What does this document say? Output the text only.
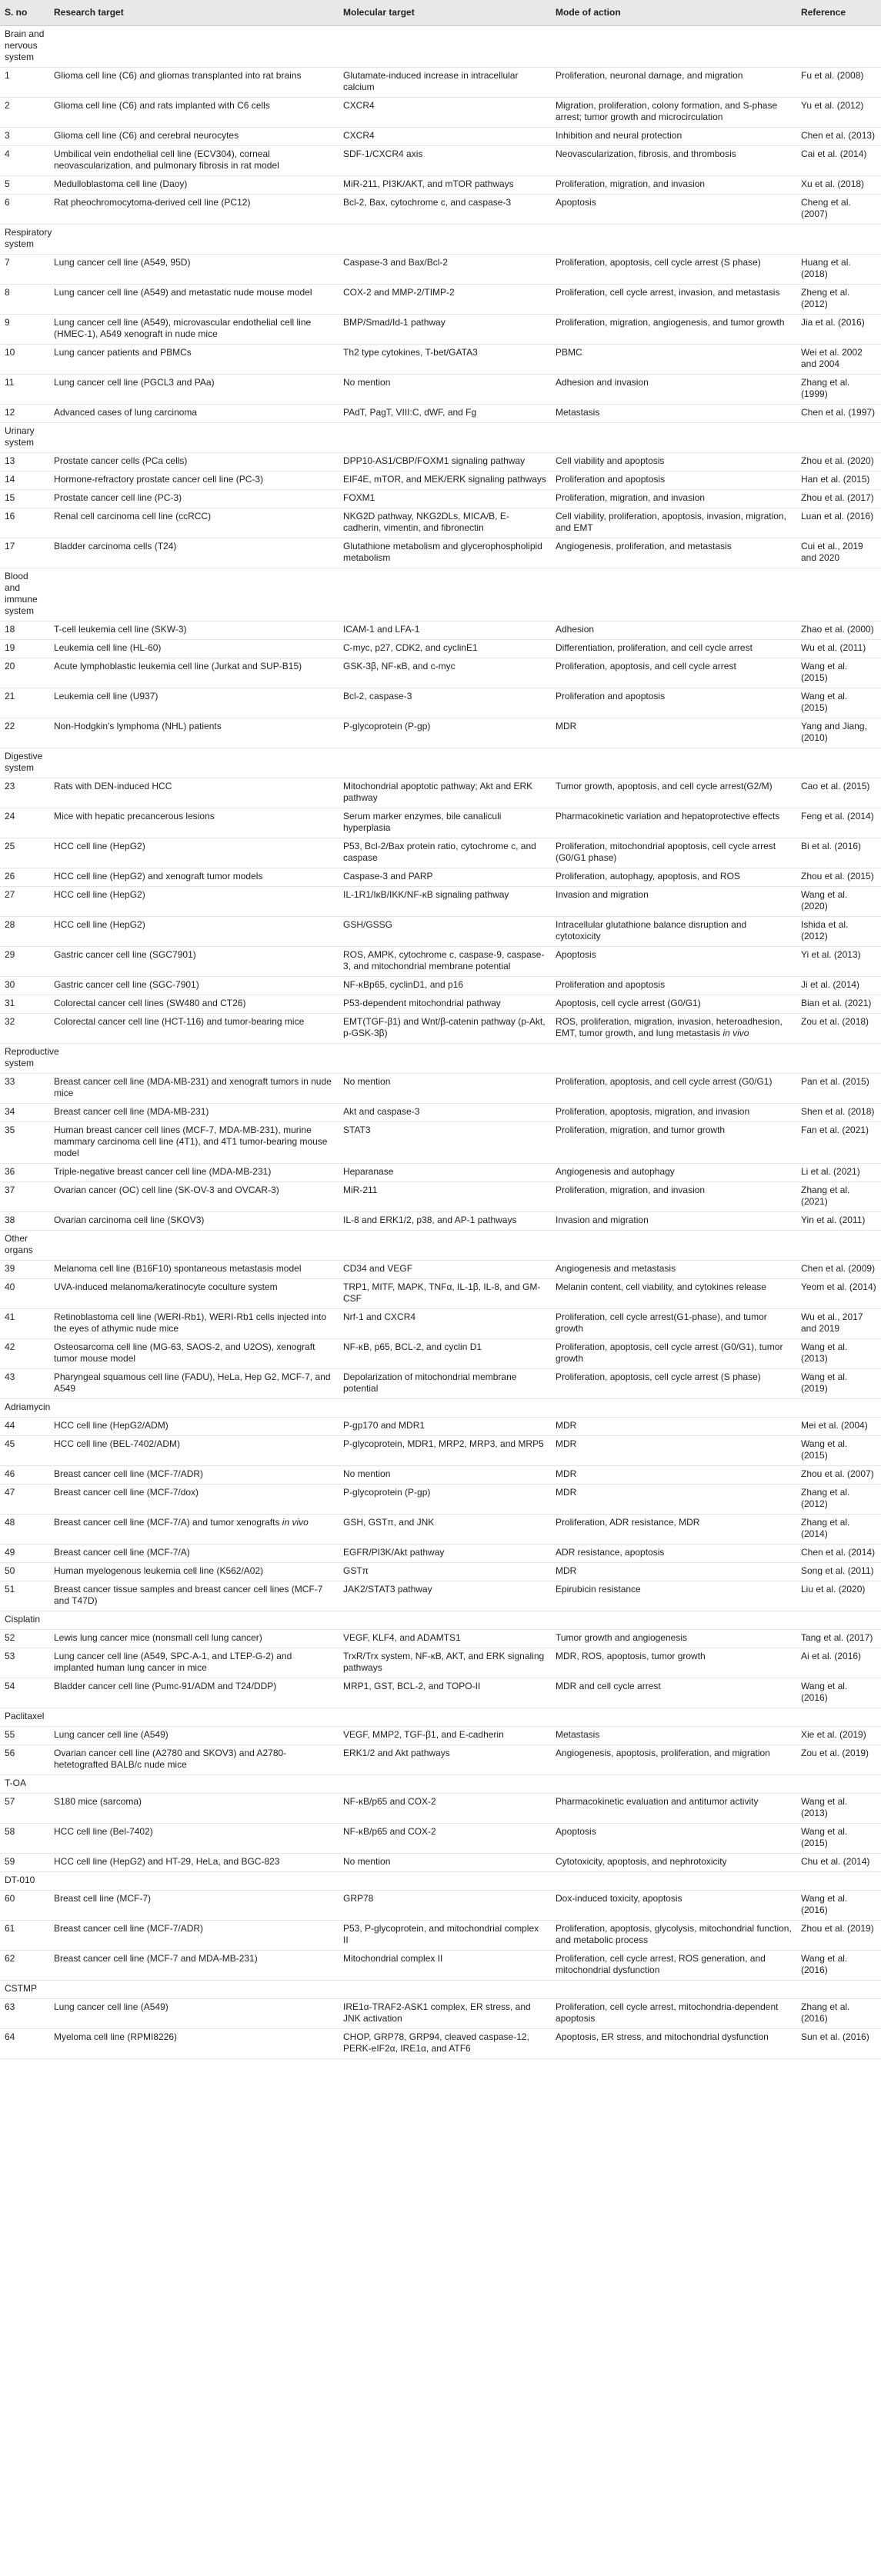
S. no	Research target	Molecular target	Mode of action	Reference
Brain and nervous system				
1	Glioma cell line (C6) and gliomas transplanted into rat brains	Glutamate-induced increase in intracellular calcium	Proliferation, neuronal damage, and migration	Fu et al. (2008)
2	Glioma cell line (C6) and rats implanted with C6 cells	CXCR4	Migration, proliferation, colony formation, and S-phase arrest; tumor growth and microcirculation	Yu et al. (2012)
3	Glioma cell line (C6) and cerebral neurocytes	CXCR4	Inhibition and neural protection	Chen et al. (2013)
4	Umbilical vein endothelial cell line (ECV304), corneal neovascularization, and pulmonary fibrosis in rat model	SDF-1/CXCR4 axis	Neovascularization, fibrosis, and thrombosis	Cai et al. (2014)
5	Medulloblastoma cell line (Daoy)	MiR-211, PI3K/AKT, and mTOR pathways	Proliferation, migration, and invasion	Xu et al. (2018)
6	Rat pheochromocytoma-derived cell line (PC12)	Bcl-2, Bax, cytochrome c, and caspase-3	Apoptosis	Cheng et al. (2007)
Respiratory system				
7	Lung cancer cell line (A549, 95D)	Caspase-3 and Bax/Bcl-2	Proliferation, apoptosis, cell cycle arrest (S phase)	Huang et al. (2018)
8	Lung cancer cell line (A549) and metastatic nude mouse model	COX-2 and MMP-2/TIMP-2	Proliferation, cell cycle arrest, invasion, and metastasis	Zheng et al. (2012)
9	Lung cancer cell line (A549), microvascular endothelial cell line (HMEC-1), A549 xenograft in nude mice	BMP/Smad/Id-1 pathway	Proliferation, migration, angiogenesis, and tumor growth	Jia et al. (2016)
10	Lung cancer patients and PBMCs	Th2 type cytokines, T-bet/GATA3	PBMC	Wei et al. 2002 and 2004
11	Lung cancer cell line (PGCL3 and PAa)	No mention	Adhesion and invasion	Zhang et al. (1999)
12	Advanced cases of lung carcinoma	PAdT, PagT, VIII:C, dWF, and Fg	Metastasis	Chen et al. (1997)
Urinary system				
13	Prostate cancer cells (PCa cells)	DPP10-AS1/CBP/FOXM1 signaling pathway	Cell viability and apoptosis	Zhou et al. (2020)
14	Hormone-refractory prostate cancer cell line (PC-3)	EIF4E, mTOR, and MEK/ERK signaling pathways	Proliferation and apoptosis	Han et al. (2015)
15	Prostate cancer cell line (PC-3)	FOXM1	Proliferation, migration, and invasion	Zhou et al. (2017)
16	Renal cell carcinoma cell line (ccRCC)	NKG2D pathway, NKG2DLs, MICA/B, E-cadherin, vimentin, and fibronectin	Cell viability, proliferation, apoptosis, invasion, migration, and EMT	Luan et al. (2016)
17	Bladder carcinoma cells (T24)	Glutathione metabolism and glycerophospholipid metabolism	Angiogenesis, proliferation, and metastasis	Cui et al., 2019 and 2020
Blood and immune system				
18	T-cell leukemia cell line (SKW-3)	ICAM-1 and LFA-1	Adhesion	Zhao et al. (2000)
19	Leukemia cell line (HL-60)	C-myc, p27, CDK2, and cyclinE1	Differentiation, proliferation, and cell cycle arrest	Wu et al. (2011)
20	Acute lymphoblastic leukemia cell line (Jurkat and SUP-B15)	GSK-3β, NF-κB, and c-myc	Proliferation, apoptosis, and cell cycle arrest	Wang et al. (2015)
21	Leukemia cell line (U937)	Bcl-2, caspase-3	Proliferation and apoptosis	Wang et al. (2015)
22	Non-Hodgkin's lymphoma (NHL) patients	P-glycoprotein (P-gp)	MDR	Yang and Jiang, (2010)
Digestive system				
23	Rats with DEN-induced HCC	Mitochondrial apoptotic pathway; Akt and ERK pathway	Tumor growth, apoptosis, and cell cycle arrest(G2/M)	Cao et al. (2015)
24	Mice with hepatic precancerous lesions	Serum marker enzymes, bile canaliculi hyperplasia	Pharmacokinetic variation and hepatoprotective effects	Feng et al. (2014)
25	HCC cell line (HepG2)	P53, Bcl-2/Bax protein ratio, cytochrome c, and caspase	Proliferation, mitochondrial apoptosis, cell cycle arrest (G0/G1 phase)	Bi et al. (2016)
26	HCC cell line (HepG2) and xenograft tumor models	Caspase-3 and PARP	Proliferation, autophagy, apoptosis, and ROS	Zhou et al. (2015)
27	HCC cell line (HepG2)	IL-1R1/IκB/IKK/NF-κB signaling pathway	Invasion and migration	Wang et al. (2020)
28	HCC cell line (HepG2)	GSH/GSSG	Intracellular glutathione balance disruption and cytotoxicity	Ishida et al. (2012)
29	Gastric cancer cell line (SGC7901)	ROS, AMPK, cytochrome c, caspase-9, caspase-3, and mitochondrial membrane potential	Apoptosis	Yi et al. (2013)
30	Gastric cancer cell line (SGC-7901)	NF-κBp65, cyclinD1, and p16	Proliferation and apoptosis	Ji et al. (2014)
31	Colorectal cancer cell lines (SW480 and CT26)	P53-dependent mitochondrial pathway	Apoptosis, cell cycle arrest (G0/G1)	Bian et al. (2021)
32	Colorectal cancer cell line (HCT-116) and tumor-bearing mice	EMT(TGF-β1) and Wnt/β-catenin pathway (p-Akt, p-GSK-3β)	ROS, proliferation, migration, invasion, heteroadhesion, EMT, tumor growth, and lung metastasis in vivo	Zou et al. (2018)
Reproductive system				
33	Breast cancer cell line (MDA-MB-231) and xenograft tumors in nude mice	No mention	Proliferation, apoptosis, and cell cycle arrest (G0/G1)	Pan et al. (2015)
34	Breast cancer cell line (MDA-MB-231)	Akt and caspase-3	Proliferation, apoptosis, migration, and invasion	Shen et al. (2018)
35	Human breast cancer cell lines (MCF-7, MDA-MB-231), murine mammary carcinoma cell line (4T1), and 4T1 tumor-bearing mouse model	STAT3	Proliferation, migration, and tumor growth	Fan et al. (2021)
36	Triple-negative breast cancer cell line (MDA-MB-231)	Heparanase	Angiogenesis and autophagy	Li et al. (2021)
37	Ovarian cancer (OC) cell line (SK-OV-3 and OVCAR-3)	MiR-211	Proliferation, migration, and invasion	Zhang et al. (2021)
38	Ovarian carcinoma cell line (SKOV3)	IL-8 and ERK1/2, p38, and AP-1 pathways	Invasion and migration	Yin et al. (2011)
Other organs				
39	Melanoma cell line (B16F10) spontaneous metastasis model	CD34 and VEGF	Angiogenesis and metastasis	Chen et al. (2009)
40	UVA-induced melanoma/keratinocyte coculture system	TRP1, MITF, MAPK, TNFα, IL-1β, IL-8, and GM-CSF	Melanin content, cell viability, and cytokines release	Yeom et al. (2014)
41	Retinoblastoma cell line (WERI-Rb1), WERI-Rb1 cells injected into the eyes of athymic nude mice	Nrf-1 and CXCR4	Proliferation, cell cycle arrest(G1-phase), and tumor growth	Wu et al., 2017 and 2019
42	Osteosarcoma cell line (MG-63, SAOS-2, and U2OS), xenograft tumor mouse model	NF-κB, p65, BCL-2, and cyclin D1	Proliferation, apoptosis, cell cycle arrest (G0/G1), tumor growth	Wang et al. (2013)
43	Pharyngeal squamous cell line (FADU), HeLa, Hep G2, MCF-7, and A549	Depolarization of mitochondrial membrane potential	Proliferation, apoptosis, cell cycle arrest (S phase)	Wang et al. (2019)
Adriamycin				
44	HCC cell line (HepG2/ADM)	P-gp170 and MDR1	MDR	Mei et al. (2004)
45	HCC cell line (BEL-7402/ADM)	P-glycoprotein, MDR1, MRP2, MRP3, and MRP5	MDR	Wang et al. (2015)
46	Breast cancer cell line (MCF-7/ADR)	No mention	MDR	Zhou et al. (2007)
47	Breast cancer cell line (MCF-7/dox)	P-glycoprotein (P-gp)	MDR	Zhang et al. (2012)
48	Breast cancer cell line (MCF-7/A) and tumor xenografts in vivo	GSH, GSTπ, and JNK	Proliferation, ADR resistance, MDR	Zhang et al. (2014)
49	Breast cancer cell line (MCF-7/A)	EGFR/PI3K/Akt pathway	ADR resistance, apoptosis	Chen et al. (2014)
50	Human myelogenous leukemia cell line (K562/A02)	GSTπ	MDR	Song et al. (2011)
51	Breast cancer tissue samples and breast cancer cell lines (MCF-7 and T47D)	JAK2/STAT3 pathway	Epirubicin resistance	Liu et al. (2020)
Cisplatin				
52	Lewis lung cancer mice (nonsmall cell lung cancer)	VEGF, KLF4, and ADAMTS1	Tumor growth and angiogenesis	Tang et al. (2017)
53	Lung cancer cell line (A549, SPC-A-1, and LTEP-G-2) and implanted human lung cancer in mice	TrxR/Trx system, NF-κB, AKT, and ERK signaling pathways	MDR, ROS, apoptosis, tumor growth	Ai et al. (2016)
54	Bladder cancer cell line (Pumc-91/ADM and T24/DDP)	MRP1, GST, BCL-2, and TOPO-II	MDR and cell cycle arrest	Wang et al. (2016)
Paclitaxel				
55	Lung cancer cell line (A549)	VEGF, MMP2, TGF-β1, and E-cadherin	Metastasis	Xie et al. (2019)
56	Ovarian cancer cell line (A2780 and SKOV3) and A2780-hetetografted BALB/c nude mice	ERK1/2 and Akt pathways	Angiogenesis, apoptosis, proliferation, and migration	Zou et al. (2019)
T-OA				
57	S180 mice (sarcoma)	NF-κB/p65 and COX-2	Pharmacokinetic evaluation and antitumor activity	Wang et al. (2013)
58	HCC cell line (Bel-7402)	NF-κB/p65 and COX-2	Apoptosis	Wang et al. (2015)
59	HCC cell line (HepG2) and HT-29, HeLa, and BGC-823	No mention	Cytotoxicity, apoptosis, and nephrotoxicity	Chu et al. (2014)
DT-010				
60	Breast cell line (MCF-7)	GRP78	Dox-induced toxicity, apoptosis	Wang et al. (2016)
61	Breast cancer cell line (MCF-7/ADR)	P53, P-glycoprotein, and mitochondrial complex II	Proliferation, apoptosis, glycolysis, mitochondrial function, and metabolic process	Zhou et al. (2019)
62	Breast cancer cell line (MCF-7 and MDA-MB-231)	Mitochondrial complex II	Proliferation, cell cycle arrest, ROS generation, and mitochondrial dysfunction	Wang et al. (2016)
CSTMP				
63	Lung cancer cell line (A549)	IRE1α-TRAF2-ASK1 complex, ER stress, and JNK activation	Proliferation, cell cycle arrest, mitochondria-dependent apoptosis	Zhang et al. (2016)
64	Myeloma cell line (RPMI8226)	CHOP, GRP78, GRP94, cleaved caspase-12, PERK-eIF2α, IRE1α, and ATF6	Apoptosis, ER stress, and mitochondrial dysfunction	Sun et al. (2016)
